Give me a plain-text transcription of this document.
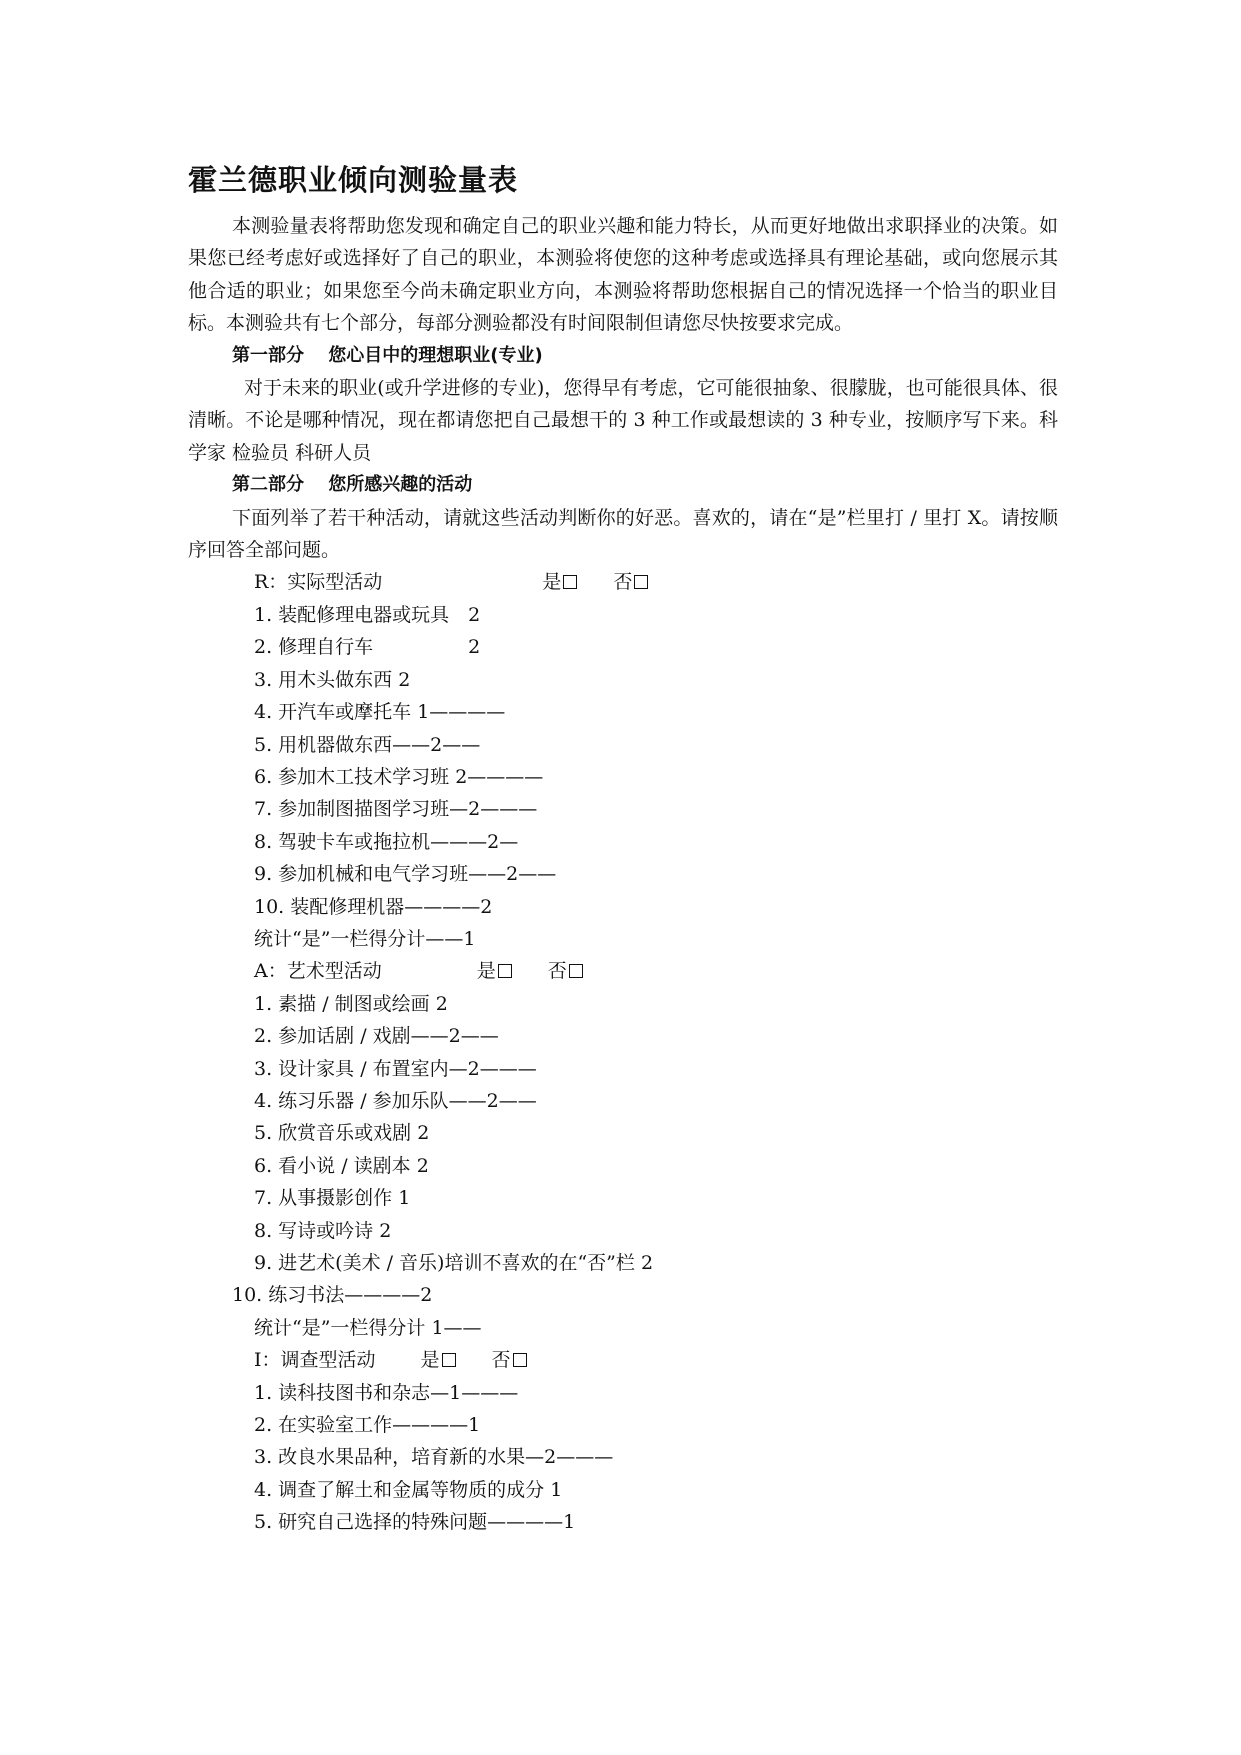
霍兰德职业倾向测验量表

本测验量表将帮助您发现和确定自己的职业兴趣和能力特长，从而更好地做出求职择业的决策。如果您已经考虑好或选择好了自己的职业，本测验将使您的这种考虑或选择具有理论基础，或向您展示其他合适的职业；如果您至今尚未确定职业方向，本测验将帮助您根据自己的情况选择一个恰当的职业目标。本测验共有七个部分，每部分测验都没有时间限制但请您尽快按要求完成。

第一部分　 您心目中的理想职业(专业)

对于未来的职业(或升学进修的专业)，您得早有考虑，它可能很抽象、很朦胧，也可能很具体、很清晰。不论是哪种情况，现在都请您把自己最想干的 3 种工作或最想读的 3 种专业，按顺序写下来。科学家 检验员 科研人员

第二部分　 您所感兴趣的活动

下面列举了若干种活动，请就这些活动判断你的好恶。喜欢的，请在“是”栏里打 / 里打 X。请按顺序回答全部问题。

R：实际型活动	是	否

1. 装配修理电器或玩具　2

2. 修理自行车　　　　　2

3. 用木头做东西 2

4. 开汽车或摩托车 1————

5. 用机器做东西——2——

6. 参加木工技术学习班 2————

7. 参加制图描图学习班—2———

8. 驾驶卡车或拖拉机———2—

9. 参加机械和电气学习班——2——

10. 装配修理机器————2

统计“是”一栏得分计——1

A：艺术型活动	是	否

1. 素描 / 制图或绘画 2

2. 参加话剧 / 戏剧——2——

3. 设计家具 / 布置室内—2———

4. 练习乐器 / 参加乐队——2——

5. 欣赏音乐或戏剧 2

6. 看小说 / 读剧本 2

7. 从事摄影创作 1

8. 写诗或吟诗 2

9. 进艺术(美术 / 音乐)培训不喜欢的在“否”栏 2

10. 练习书法————2

统计“是”一栏得分计 1——

I：调查型活动 是	否

1. 读科技图书和杂志—1———

2. 在实验室工作————1

3. 改良水果品种，培育新的水果—2———

4. 调查了解土和金属等物质的成分 1

5. 研究自己选择的特殊问题————1
